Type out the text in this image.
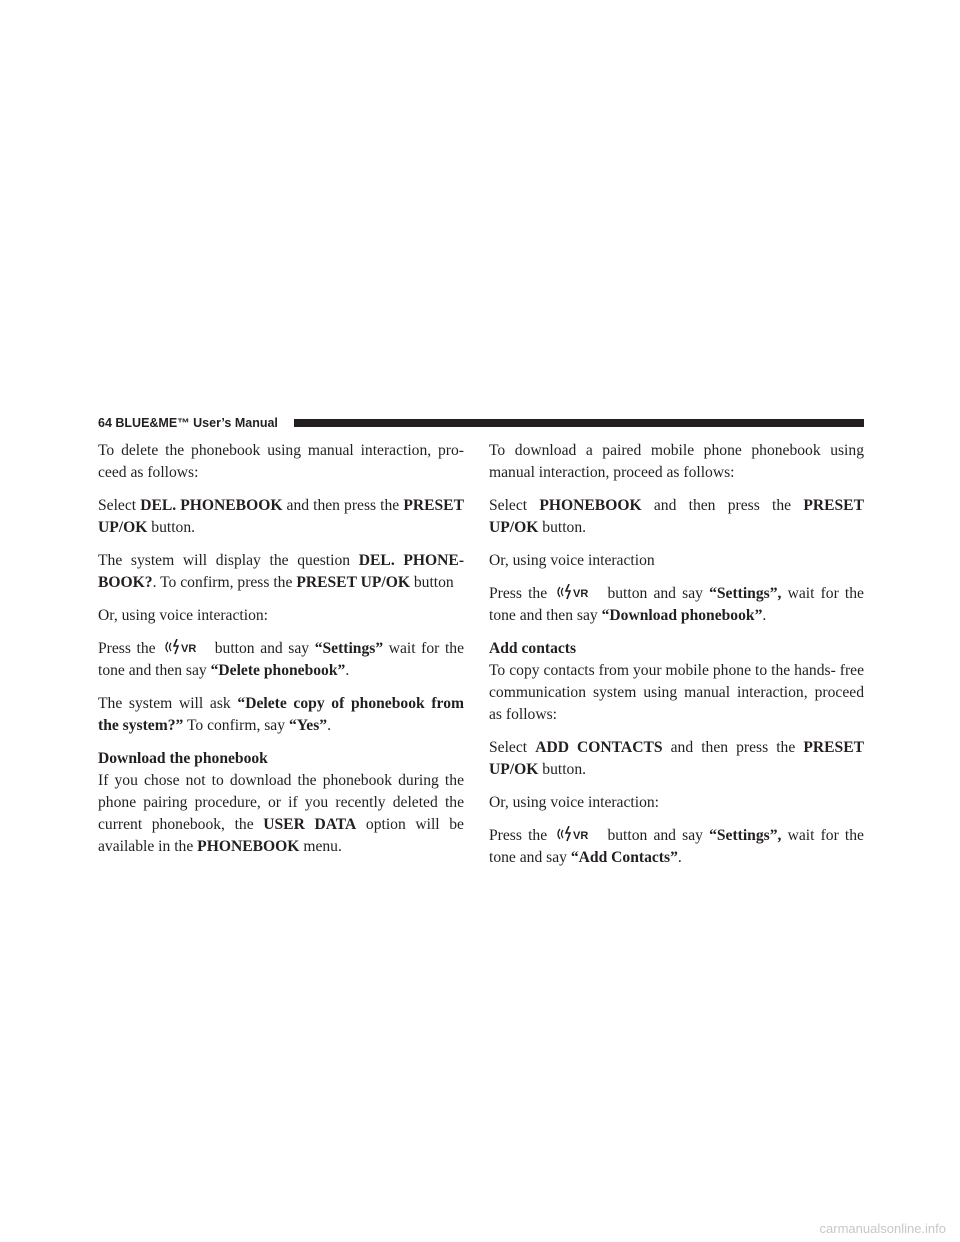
64 BLUE&ME™ User’s Manual

To delete the phonebook using manual interaction, pro- ceed as follows:

Select DEL. PHONEBOOK and then press the PRESET UP/OK button.

The system will display the question DEL. PHONE- BOOK?. To confirm, press the PRESET UP/OK button

Or, using voice interaction:

Press the	button and say “Settings” wait for the tone and then say “Delete phonebook”.

The system will ask “Delete copy of phonebook from the system?” To confirm, say “Yes”.

Download the phonebook

If you chose not to download the phonebook during the phone pairing procedure, or if you recently deleted the current phonebook, the USER DATA option will be available in the PHONEBOOK menu.

To download a paired mobile phone phonebook using manual interaction, proceed as follows:

Select PHONEBOOK and then press the PRESET UP/OK button.

Or, using voice interaction

Press the	button and say “Settings”, wait for the tone and then say “Download phonebook”.

Add contacts

To copy contacts from your mobile phone to the hands- free communication system using manual interaction, proceed as follows:

Select ADD CONTACTS and then press the PRESET UP/OK button.

Or, using voice interaction:

Press the	button and say “Settings”, wait for the tone and say “Add Contacts”.

carmanualsonline.info
